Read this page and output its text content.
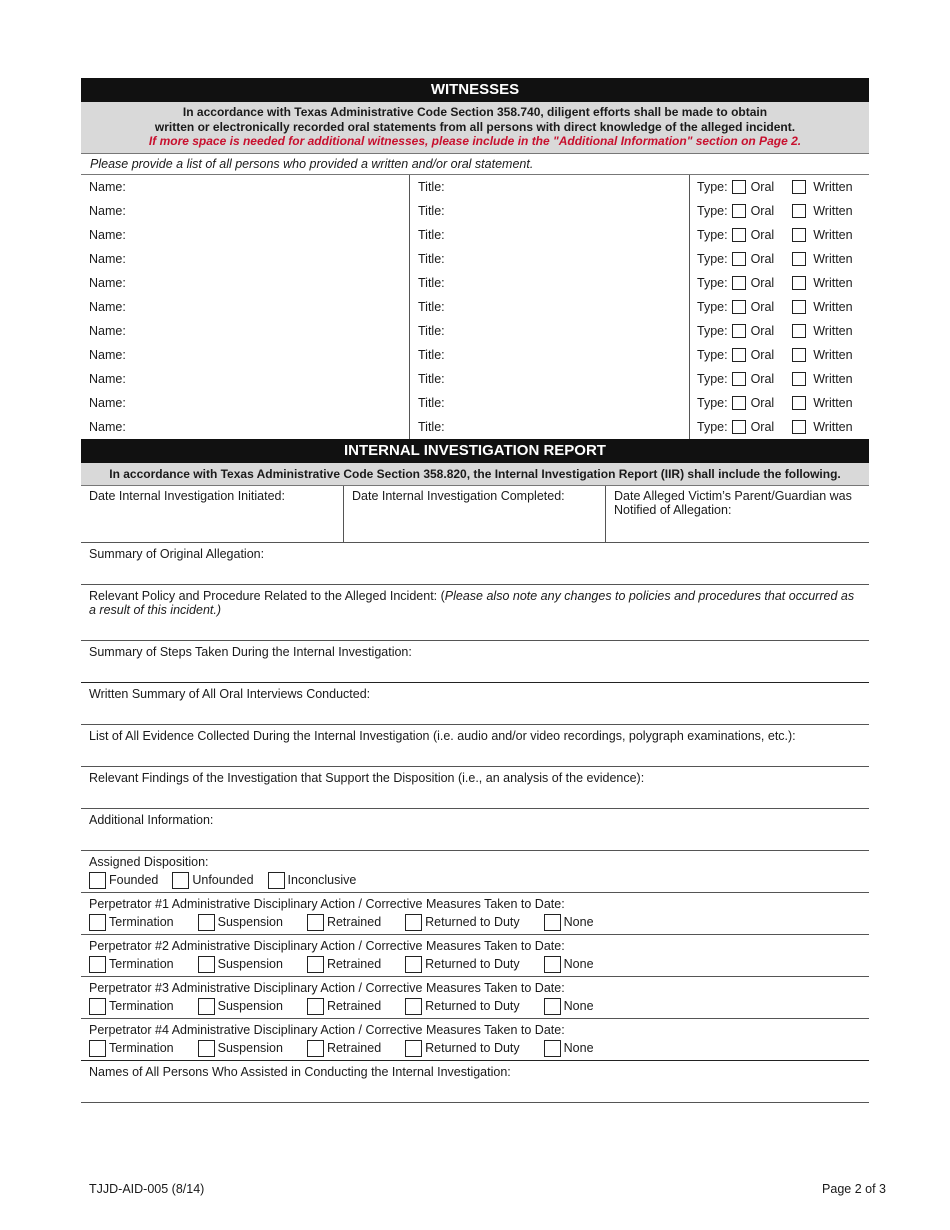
WITNESSES
In accordance with Texas Administrative Code Section 358.740, diligent efforts shall be made to obtain
written or electronically recorded oral statements from all persons with direct knowledge of the alleged incident.
If more space is needed for additional witnesses, please include in the "Additional Information" section on Page 2.
Please provide a list of all persons who provided a written and/or oral statement.
Name:	Title:	Type: Oral	Written
Name:	Title:	Type: Oral	Written
Name:	Title:	Type: Oral	Written
Name:	Title:	Type: Oral	Written
Name:	Title:	Type: Oral	Written
Name:	Title:	Type: Oral	Written
Name:	Title:	Type: Oral	Written
Name:	Title:	Type: Oral	Written
Name:	Title:	Type: Oral	Written
Name:	Title:	Type: Oral	Written
Name:	Title:	Type: Oral	Written
INTERNAL INVESTIGATION REPORT
In accordance with Texas Administrative Code Section 358.820, the Internal Investigation Report (IIR) shall include the following.
Date Internal Investigation Initiated:	Date Internal Investigation Completed:	Date Alleged Victim’s Parent/Guardian was Notified of Allegation:
Summary of Original Allegation:
Relevant Policy and Procedure Related to the Alleged Incident: (Please also note any changes to policies and procedures that occurred as a result of this incident.)
Summary of Steps Taken During the Internal Investigation:
Written Summary of All Oral Interviews Conducted:
List of All Evidence Collected During the Internal Investigation (i.e. audio and/or video recordings, polygraph examinations, etc.):
Relevant Findings of the Investigation that Support the Disposition (i.e., an analysis of the evidence):
Additional Information:
Assigned Disposition:
Founded	Unfounded	Inconclusive
Perpetrator #1 Administrative Disciplinary Action / Corrective Measures Taken to Date:
Termination	Suspension	Retrained	Returned to Duty	None
Perpetrator #2 Administrative Disciplinary Action / Corrective Measures Taken to Date:
Termination	Suspension	Retrained	Returned to Duty	None
Perpetrator #3 Administrative Disciplinary Action / Corrective Measures Taken to Date:
Termination	Suspension	Retrained	Returned to Duty	None
Perpetrator #4 Administrative Disciplinary Action / Corrective Measures Taken to Date:
Termination	Suspension	Retrained	Returned to Duty	None
Names of All Persons Who Assisted in Conducting the Internal Investigation:
TJJD-AID-005 (8/14)	Page 2 of 3
